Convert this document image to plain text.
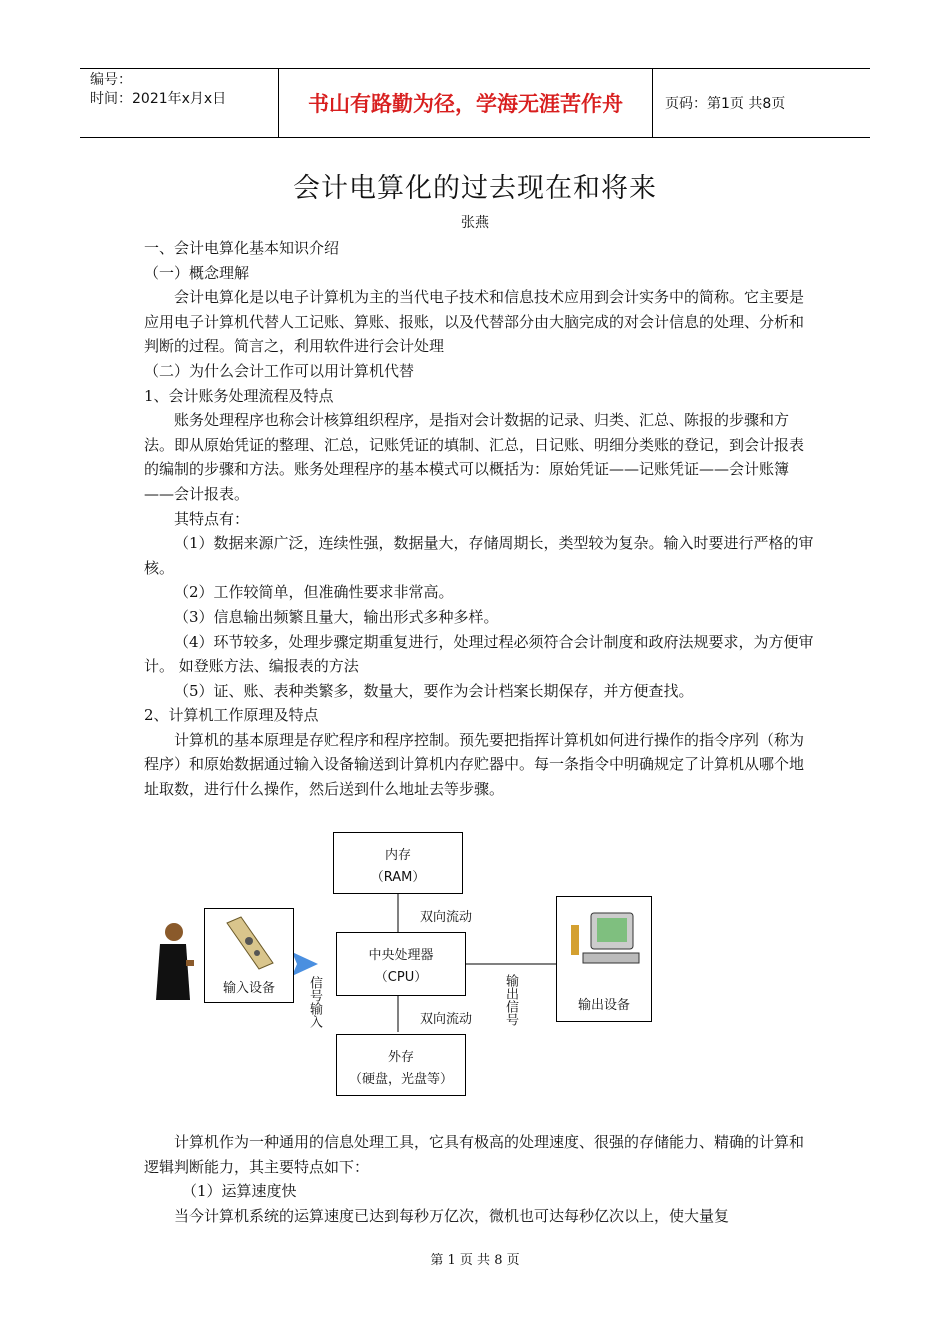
编号：
时间：2021年x月x日	书山有路勤为径，学海无涯苦作舟	页码：第1页 共8页
会计电算化的过去现在和将来
张燕

一、会计电算化基本知识介绍

（一）概念理解

会计电算化是以电子计算机为主的当代电子技术和信息技术应用到会计实务中的简称。它主要是应用电子计算机代替人工记账、算账、报账，以及代替部分由大脑完成的对会计信息的处理、分析和判断的过程。简言之，利用软件进行会计处理

（二）为什么会计工作可以用计算机代替

1、会计账务处理流程及特点

账务处理程序也称会计核算组织程序，是指对会计数据的记录、归类、汇总、陈报的步骤和方法。即从原始凭证的整理、汇总，记账凭证的填制、汇总，日记账、明细分类账的登记，到会计报表的编制的步骤和方法。账务处理程序的基本模式可以概括为：原始凭证——记账凭证——会计账簿——会计报表。

其特点有：

（1）数据来源广泛，连续性强，数据量大，存储周期长，类型较为复杂。输入时要进行严格的审核。

（2）工作较简单，但准确性要求非常高。

（3）信息输出频繁且量大，输出形式多种多样。

（4）环节较多，处理步骤定期重复进行，处理过程必须符合会计制度和政府法规要求，为方便审计。 如登账方法、编报表的方法

（5）证、账、表种类繁多，数量大，要作为会计档案长期保存，并方便查找。

2、计算机工作原理及特点

计算机的基本原理是存贮程序和程序控制。预先要把指挥计算机如何进行操作的指令序列（称为程序）和原始数据通过输入设备输送到计算机内存贮器中。每一条指令中明确规定了计算机从哪个地址取数，进行什么操作，然后送到什么地址去等步骤。

内存
（RAM）
中央处理器
（CPU）
外存
（硬盘，光盘等）
双向流动
双向流动
信号输入	输出信号
输入设备
输出设备

计算机作为一种通用的信息处理工具，它具有极高的处理速度、很强的存储能力、精确的计算和逻辑判断能力，其主要特点如下：

（1）运算速度快

当今计算机系统的运算速度已达到每秒万亿次，微机也可达每秒亿次以上，使大量复

第 1 页 共 8 页
